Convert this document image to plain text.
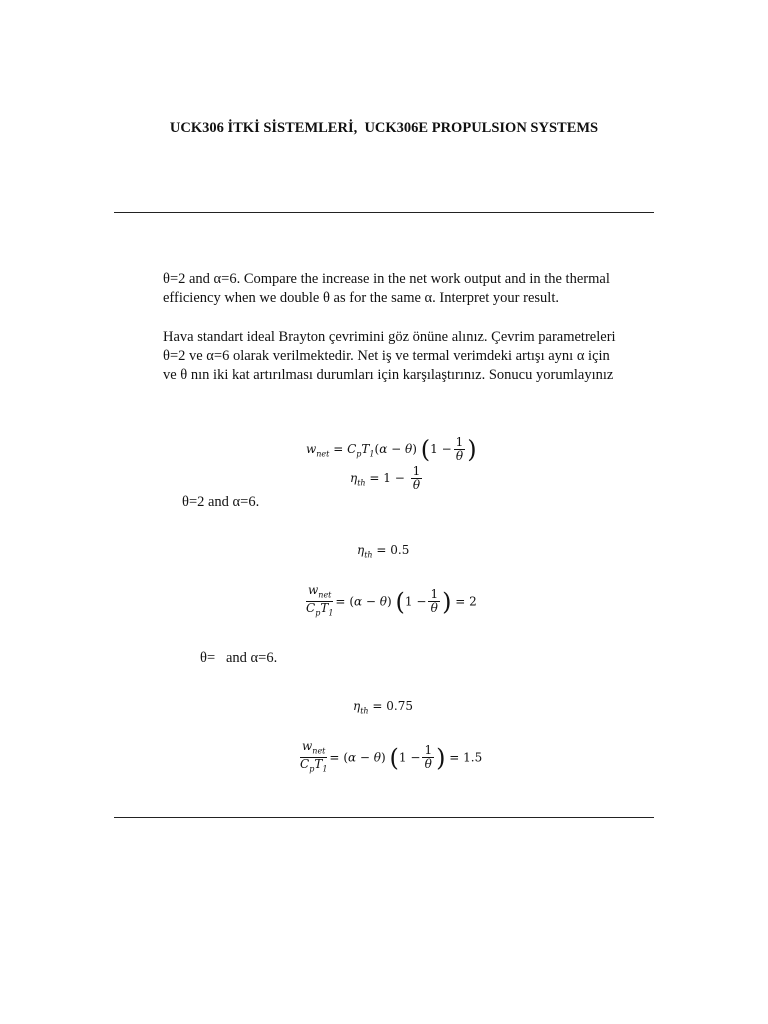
UCK306 İTKİ SİSTEMLERİ,  UCK306E PROPULSION SYSTEMS
θ=2 and α=6. Compare the increase in the net work output and in the thermal
efficiency when we double θ as for the same α. Interpret your result.
Hava standart ideal Brayton çevrimini göz önüne alınız. Çevrim parametreleri
θ=2 ve α=6 olarak verilmektedir. Net iş ve termal verimdeki artışı aynı α için
ve θ nın iki kat artırılması durumları için karşılaştırınız. Sonucu yorumlayınız
$w_{net} = C_pT_1(\alpha - \theta) (1 - \frac{1}{\theta}$ )
$\eta_{th} = 1 - \frac{1}{\theta}$
θ=2 and α=6.
$\eta_{th} = 0.5$
$\frac{w_{net}}{C_pT_1} = (\alpha - \theta) (1 - \frac{1}{\theta}$ ) = 2
θ=   and α=6.
$\eta_{th} = 0.75$
$\frac{w_{net}}{C_pT_1} = (\alpha - \theta) (1 - \frac{1}{\theta}$ ) = 1.5
